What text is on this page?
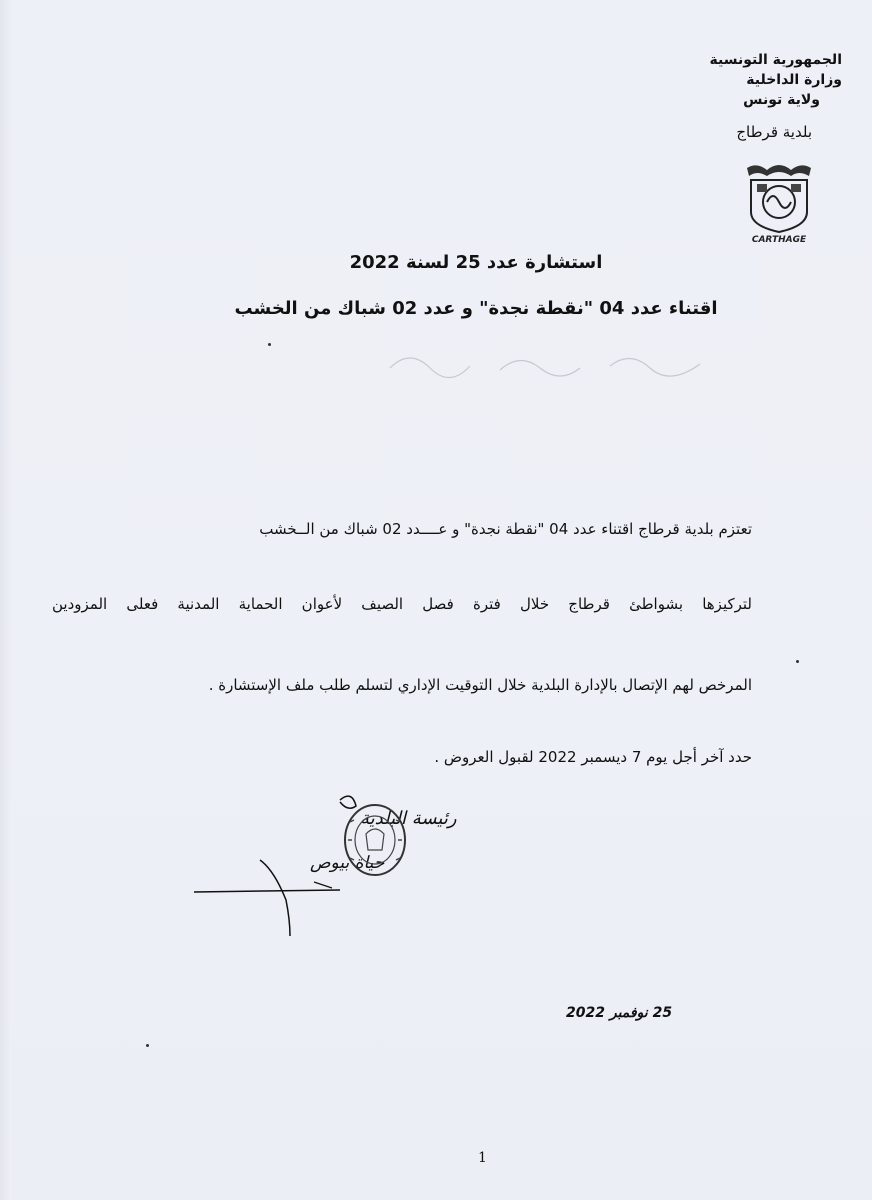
الجمهورية التونسية
وزارة الداخلية
ولاية تونس
بلدية قرطاج
CARTHAGE
استشارة عدد 25 لسنة 2022
اقتناء عدد 04 "نقطة نجدة" و عدد 02 شباك من الخشب
تعتزم بلدية قرطاج اقتناء عدد 04 "نقطة نجدة" و عــــدد 02 شباك من الــخشب
لتركيزها بشواطئ قرطاج خلال فترة فصل الصيف لأعوان الحماية المدنية فعلى المزودين
المرخص لهم الإتصال بالإدارة البلدية خلال التوقيت الإداري لتسلم طلب ملف الإستشارة .
حدد آخر أجل يوم 7 ديسمبر 2022 لقبول العروض .
رئيسة البلدية
حياة بيوص
25 نوفمبر 2022
1
